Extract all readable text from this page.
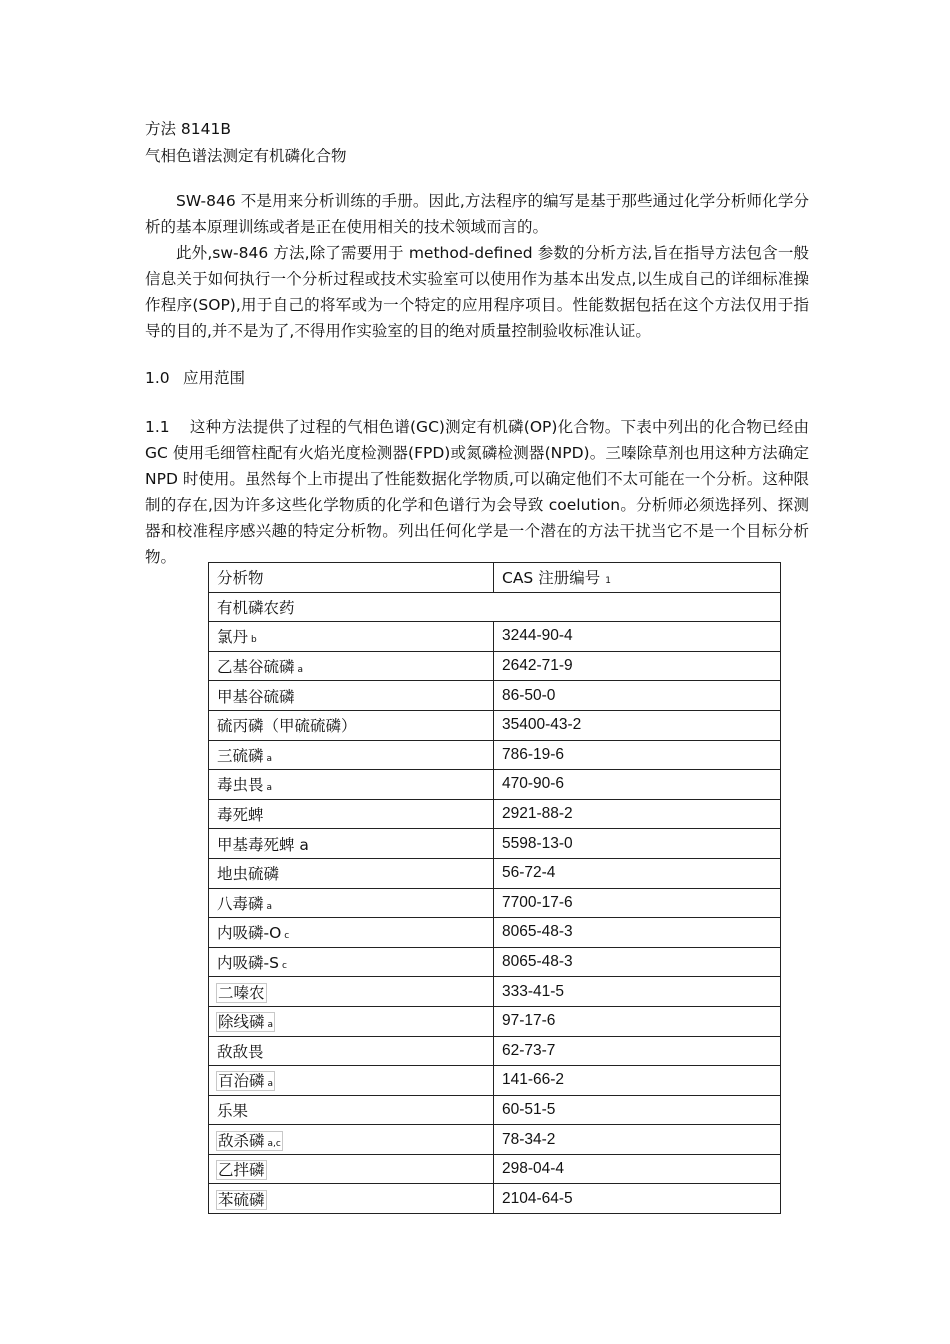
方法 8141B
气相色谱法测定有机磷化合物
SW-846 不是用来分析训练的手册。因此,方法程序的编写是基于那些通过化学分析师化学分析的基本原理训练或者是正在使用相关的技术领域而言的。
此外,sw-846 方法,除了需要用于 method-defined 参数的分析方法,旨在指导方法包含一般信息关于如何执行一个分析过程或技术实验室可以使用作为基本出发点,以生成自己的详细标准操作程序(SOP),用于自己的将军或为一个特定的应用程序项目。性能数据包括在这个方法仅用于指导的目的,并不是为了,不得用作实验室的目的绝对质量控制验收标准认证。
1.0 应用范围
1.1 这种方法提供了过程的气相色谱(GC)测定有机磷(OP)化合物。下表中列出的化合物已经由 GC 使用毛细管柱配有火焰光度检测器(FPD)或氮磷检测器(NPD)。三嗪除草剂也用这种方法确定 NPD 时使用。虽然每个上市提出了性能数据化学物质,可以确定他们不太可能在一个分析。这种限制的存在,因为许多这些化学物质的化学和色谱行为会导致 coelution。分析师必须选择列、探测器和校准程序感兴趣的特定分析物。列出任何化学是一个潜在的方法干扰当它不是一个目标分析物。
分析物	CAS 注册编号 1
有机磷农药	
氯丹 b	3244-90-4
乙基谷硫磷 a	2642-71-9
甲基谷硫磷	86-50-0
硫丙磷（甲硫硫磷）	35400-43-2
三硫磷 a	786-19-6
毒虫畏 a	470-90-6
毒死蜱	2921-88-2
甲基毒死蜱 a	5598-13-0
地虫硫磷	56-72-4
八毒磷 a	7700-17-6
内吸磷-O c	8065-48-3
内吸磷-S c	8065-48-3
二嗪农	333-41-5
除线磷 a	97-17-6
敌敌畏	62-73-7
百治磷 a	141-66-2
乐果	60-51-5
敌杀磷 a,c	78-34-2
乙拌磷	298-04-4
苯硫磷	2104-64-5
